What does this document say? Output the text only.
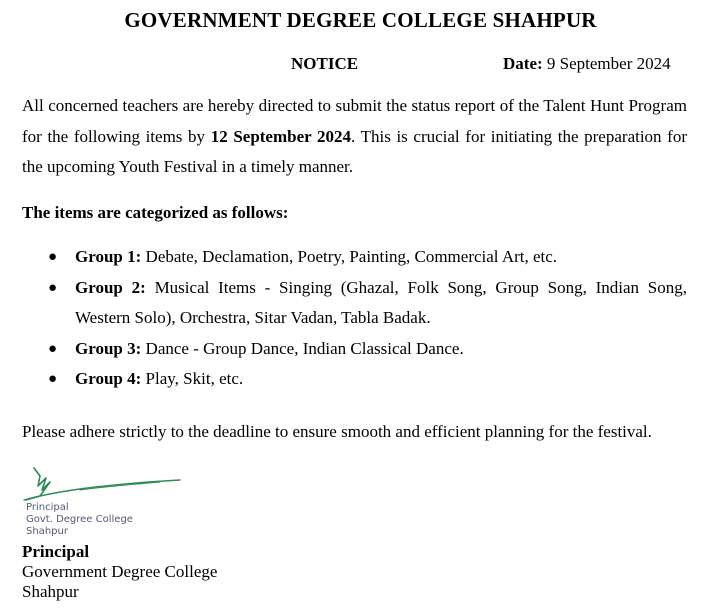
GOVERNMENT DEGREE COLLEGE SHAHPUR
NOTICE	Date: 9 September 2024

All concerned teachers are hereby directed to submit the status report of the Talent Hunt Program for the following items by 12 September 2024. This is crucial for initiating the preparation for the upcoming Youth Festival in a timely manner.

The items are categorized as follows:

● Group 1: Debate, Declamation, Poetry, Painting, Commercial Art, etc.
● Group 2: Musical Items - Singing (Ghazal, Folk Song, Group Song, Indian Song, Western Solo), Orchestra, Sitar Vadan, Tabla Badak.
● Group 3: Dance - Group Dance, Indian Classical Dance.
● Group 4: Play, Skit, etc.

Please adhere strictly to the deadline to ensure smooth and efficient planning for the festival.

Principal
Govt. Degree College
Shahpur
Principal
Government Degree College
Shahpur
